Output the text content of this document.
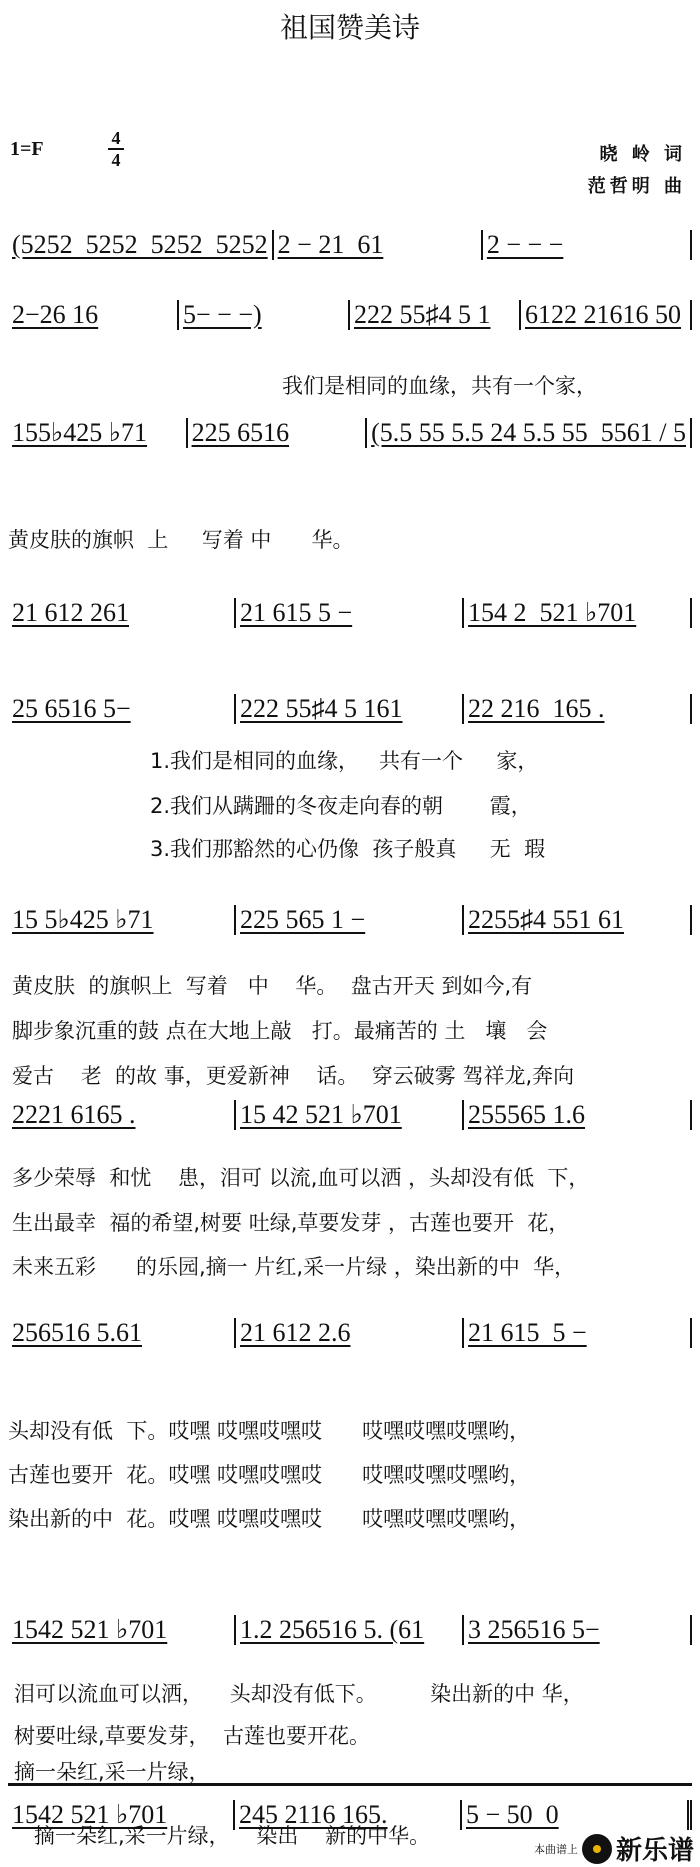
祖国赞美诗
1=F	4
4	晓 岭 词
范哲明 曲
(5252  5252  5252  5252 2 − 21  61	2 − − −
2−26 16	5− − −)	222 55♯4 5 1	6122 21616 50
155♭425 ♭71	225 6516	(5.5 55 5.5 24 5.5 55  5561 / 5
21 612 261	21 615 5 −	154 2  521 ♭701
25 6516 5−	222 55♯4 5 161	22 216  165 .
15 5♭425 ♭71	225 565 1 −	2255♯4 551 61
2221 6165 .	15 42 521 ♭701	255565 1.6
256516 5.61	21 612 2.6	21 615  5 −
1542 521 ♭701	1.2 256516 5. (61	3 256516 5−
1542 521 ♭701	245 2116 165.	5 − 50  0
我们是相同的血缘，共有一个家，
黄皮肤的旗帜  上     写着 中      华。
1.我们是相同的血缘，   共有一个     家，
2.我们从蹒跚的冬夜走向春的朝       霞，
3.我们那豁然的心仍像  孩子般真     无  瑕
黄皮肤  的旗帜上  写着   中    华。  盘古开天 到如今,有
脚步象沉重的鼓 点在大地上敲   打。最痛苦的 土   壤   会
爱古    老  的故 事，更爱新神    话。  穿云破雾 驾祥龙,奔向
多少荣辱  和忧    患，泪可 以流,血可以洒 ，头却没有低  下，
生出最幸  福的希望,树要 吐绿,草要发芽 ，古莲也要开  花，
未来五彩      的乐园,摘一 片红,采一片绿 ，染出新的中  华，
头却没有低  下。哎嘿 哎嘿哎嘿哎      哎嘿哎嘿哎嘿哟，
古莲也要开  花。哎嘿 哎嘿哎嘿哎      哎嘿哎嘿哎嘿哟，
染出新的中  花。哎嘿 哎嘿哎嘿哎      哎嘿哎嘿哎嘿哟，
泪可以流血可以洒，    头却没有低下。        染出新的中 华，
树要吐绿,草要发芽，  古莲也要开花。
摘一朵红,采一片绿，
摘一朵红,采一片绿，    染出    新的中华。
本曲谱上 新乐谱
